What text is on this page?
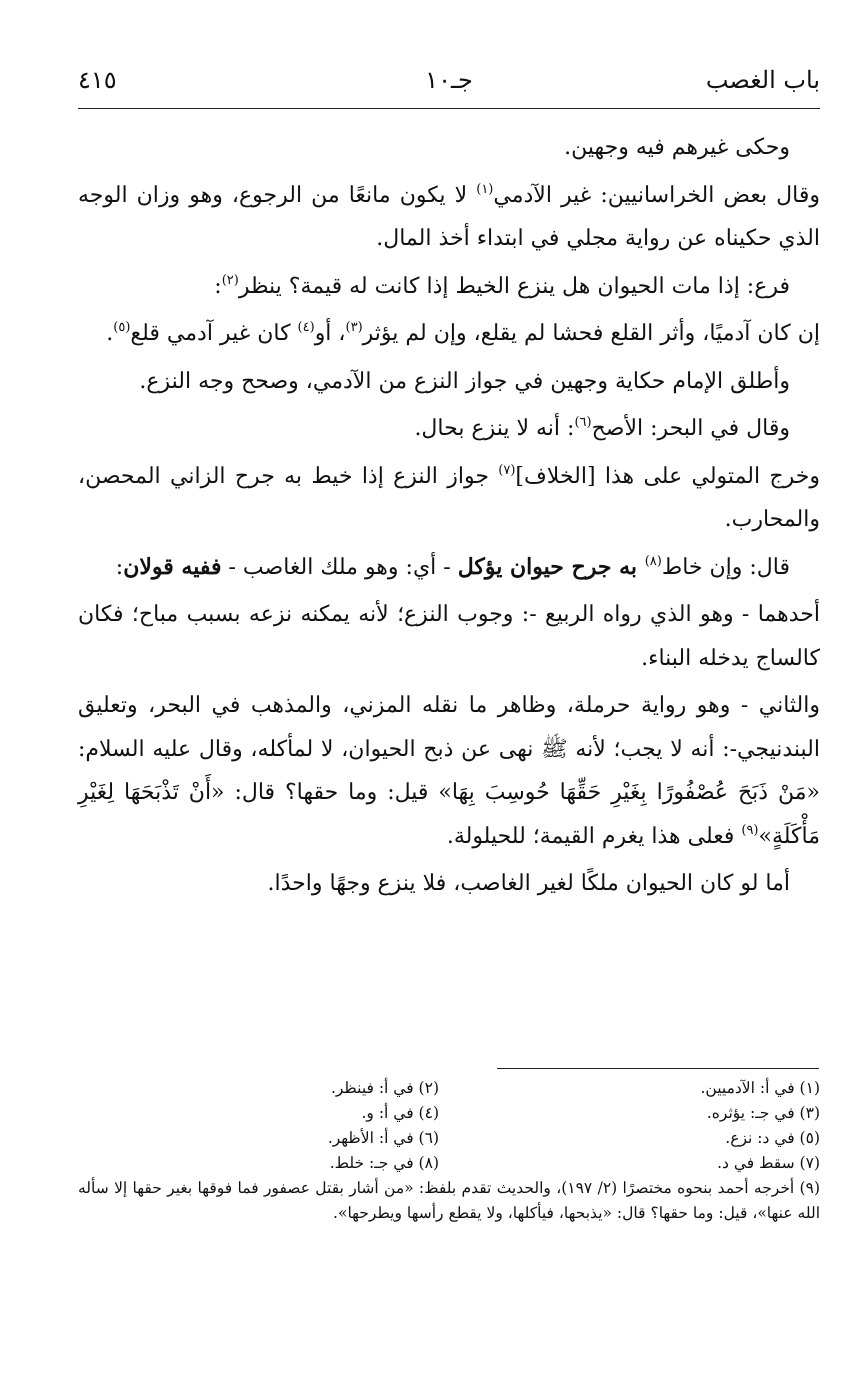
باب الغصب
جـ١٠
٤١٥

وحكى غيرهم فيه وجهين.

وقال بعض الخراسانيين: غير الآدمي$^{(١)}$ لا يكون مانعًا من الرجوع، وهو وزان الوجه الذي حكيناه عن رواية مجلي في ابتداء أخذ المال.

فرع: إذا مات الحيوان هل ينزع الخيط إذا كانت له قيمة؟ ينظر$^{(٢)}$:

إن كان آدميًا، وأثر القلع فحشا لم يقلع، وإن لم يؤثر$^{(٣)}$، أو$^{(٤)}$ كان غير آدمي قلع$^{(٥)}$.

وأطلق الإمام حكاية وجهين في جواز النزع من الآدمي، وصحح وجه النزع.

وقال في البحر: الأصح$^{(٦)}$: أنه لا ينزع بحال.

وخرج المتولي على هذا [الخلاف]$^{(٧)}$ جواز النزع إذا خيط به جرح الزاني المحصن، والمحارب.

قال: وإن خاط$^{(٨)}$ به جرح حيوان يؤكل - أي: وهو ملك الغاصب - ففيه قولان:

أحدهما - وهو الذي رواه الربيع -: وجوب النزع؛ لأنه يمكنه نزعه بسبب مباح؛ فكان كالساج يدخله البناء.

والثاني - وهو رواية حرملة، وظاهر ما نقله المزني، والمذهب في البحر، وتعليق البندنيجي-: أنه لا يجب؛ لأنه ﷺ نهى عن ذبح الحيوان، لا لمأكله، وقال عليه السلام: «مَنْ ذَبَحَ عُصْفُورًا بِغَيْرِ حَقِّهَا حُوسِبَ بِهَا» قيل: وما حقها؟ قال: «أَنْ تَذْبَحَهَا لِغَيْرِ مَأْكَلَةٍ»$^{(٩)}$ فعلى هذا يغرم القيمة؛ للحيلولة.

أما لو كان الحيوان ملكًا لغير الغاصب، فلا ينزع وجهًا واحدًا.

(١) في أ: الآدميين.
(٢) في أ: فينظر.
(٣) في جـ: يؤثره.
(٤) في أ: و.
(٥) في د: نزع.
(٦) في أ: الأظهر.
(٧) سقط في د.
(٨) في جـ: خلط.
(٩) أخرجه أحمد بنحوه مختصرًا (٢/ ١٩٧)، والحديث تقدم بلفظ: «من أشار بقتل عصفور فما فوقها بغير حقها إلا سأله الله عنها»، قيل: وما حقها؟ قال: «يذبحها، فيأكلها، ولا يقطع رأسها ويطرحها».
